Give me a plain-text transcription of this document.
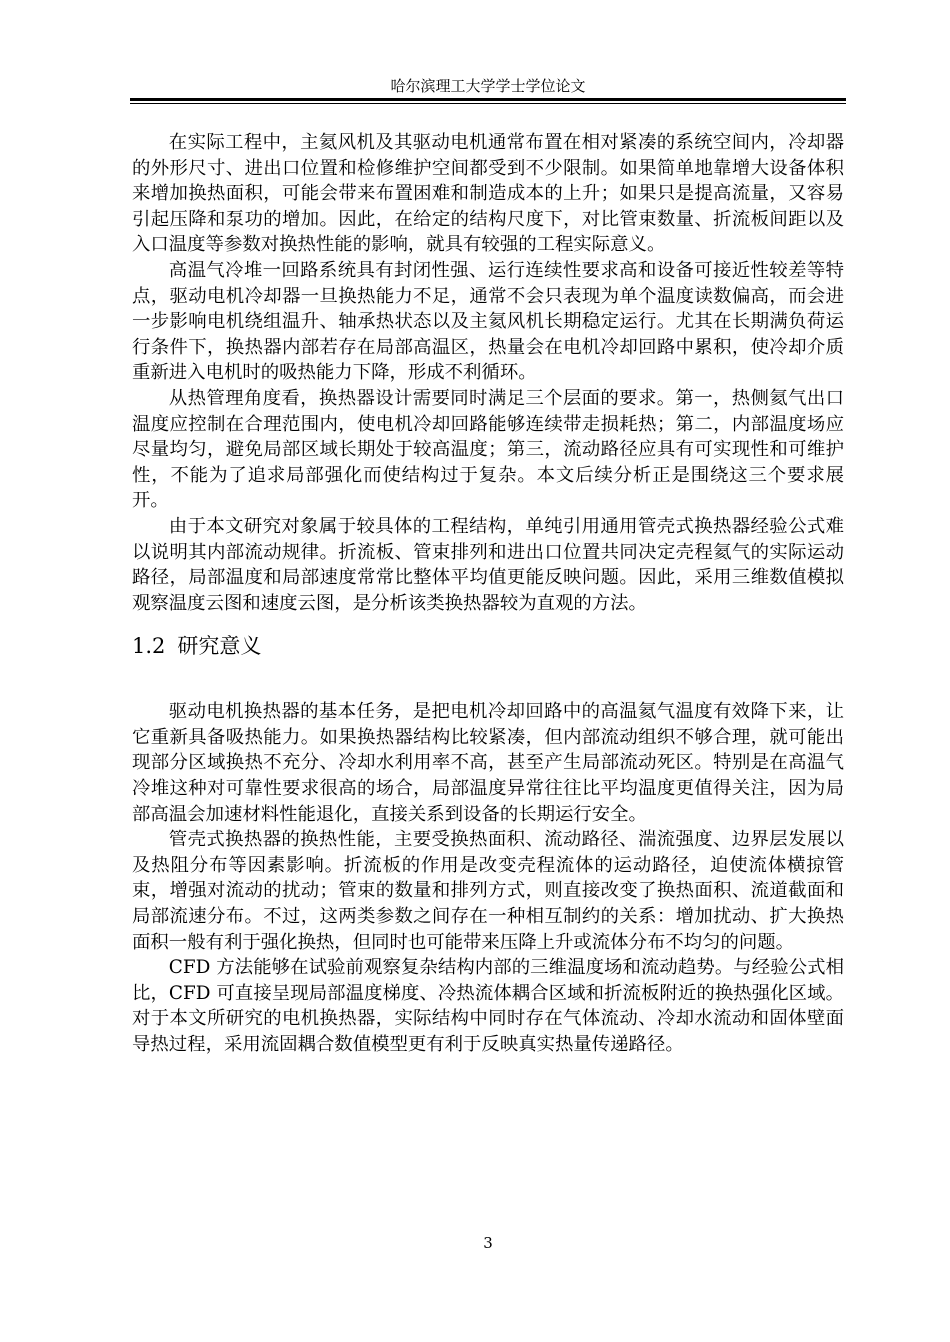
哈尔滨理工大学学士学位论文

在实际工程中，主氦风机及其驱动电机通常布置在相对紧凑的系统空间内，冷却器的外形尺寸、进出口位置和检修维护空间都受到不少限制。如果简单地靠增大设备体积来增加换热面积，可能会带来布置困难和制造成本的上升；如果只是提高流量，又容易引起压降和泵功的增加。因此，在给定的结构尺度下，对比管束数量、折流板间距以及入口温度等参数对换热性能的影响，就具有较强的工程实际意义。

高温气冷堆一回路系统具有封闭性强、运行连续性要求高和设备可接近性较差等特点，驱动电机冷却器一旦换热能力不足，通常不会只表现为单个温度读数偏高，而会进一步影响电机绕组温升、轴承热状态以及主氦风机长期稳定运行。尤其在长期满负荷运行条件下，换热器内部若存在局部高温区，热量会在电机冷却回路中累积，使冷却介质重新进入电机时的吸热能力下降，形成不利循环。

从热管理角度看，换热器设计需要同时满足三个层面的要求。第一，热侧氦气出口温度应控制在合理范围内，使电机冷却回路能够连续带走损耗热；第二，内部温度场应尽量均匀，避免局部区域长期处于较高温度；第三，流动路径应具有可实现性和可维护性，不能为了追求局部强化而使结构过于复杂。本文后续分析正是围绕这三个要求展开。

由于本文研究对象属于较具体的工程结构，单纯引用通用管壳式换热器经验公式难以说明其内部流动规律。折流板、管束排列和进出口位置共同决定壳程氦气的实际运动路径，局部温度和局部速度常常比整体平均值更能反映问题。因此，采用三维数值模拟观察温度云图和速度云图，是分析该类换热器较为直观的方法。

1.2 研究意义

驱动电机换热器的基本任务，是把电机冷却回路中的高温氦气温度有效降下来，让它重新具备吸热能力。如果换热器结构比较紧凑，但内部流动组织不够合理，就可能出现部分区域换热不充分、冷却水利用率不高，甚至产生局部流动死区。特别是在高温气冷堆这种对可靠性要求很高的场合，局部温度异常往往比平均温度更值得关注，因为局部高温会加速材料性能退化，直接关系到设备的长期运行安全。

管壳式换热器的换热性能，主要受换热面积、流动路径、湍流强度、边界层发展以及热阻分布等因素影响。折流板的作用是改变壳程流体的运动路径，迫使流体横掠管束，增强对流动的扰动；管束的数量和排列方式，则直接改变了换热面积、流道截面和局部流速分布。不过，这两类参数之间存在一种相互制约的关系：增加扰动、扩大换热面积一般有利于强化换热，但同时也可能带来压降上升或流体分布不均匀的问题。

CFD 方法能够在试验前观察复杂结构内部的三维温度场和流动趋势。与经验公式相比，CFD 可直接呈现局部温度梯度、冷热流体耦合区域和折流板附近的换热强化区域。对于本文所研究的电机换热器，实际结构中同时存在气体流动、冷却水流动和固体壁面导热过程，采用流固耦合数值模型更有利于反映真实热量传递路径。

3
